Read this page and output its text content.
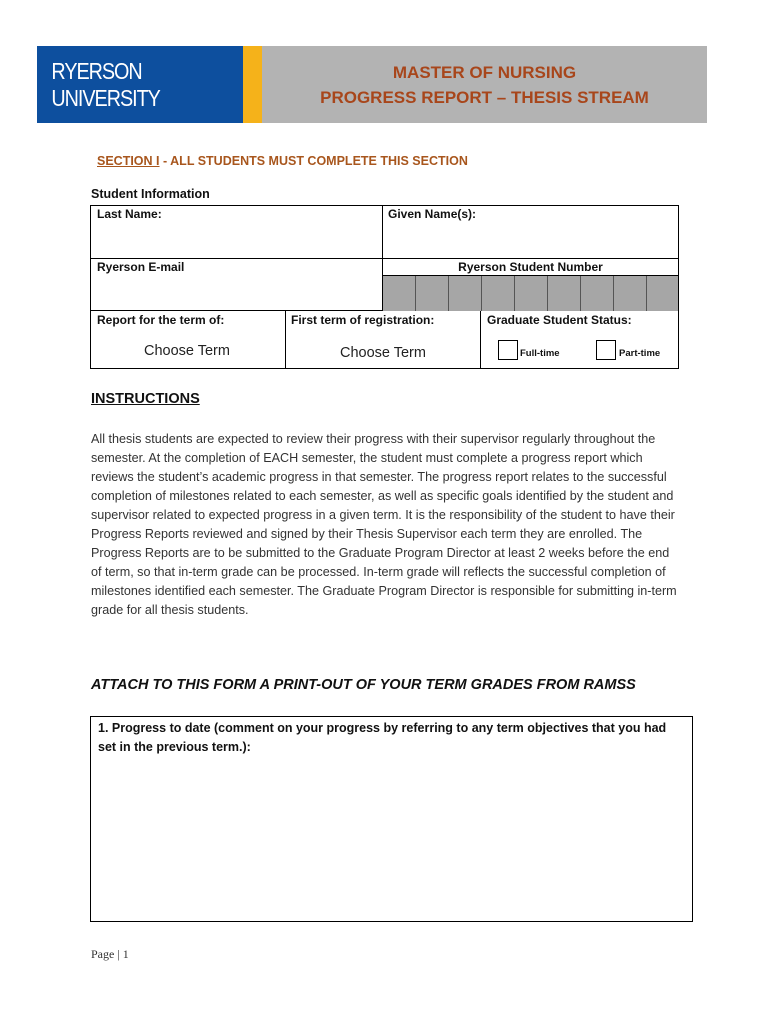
RYERSON UNIVERSITY
MASTER OF NURSING
PROGRESS REPORT – THESIS STREAM
SECTION I - ALL STUDENTS MUST COMPLETE THIS SECTION
Student Information
Last Name:	Given Name(s):
Ryerson E-mail	Ryerson Student Number
Report for the term of:
Choose Term
First term of registration:
Choose Term
Graduate Student Status:
Full-time	Part-time
INSTRUCTIONS
All thesis students are expected to review their progress with their supervisor regularly throughout the semester. At the completion of EACH semester, the student must complete a progress report which reviews the student’s academic progress in that semester. The progress report relates to the successful completion of milestones related to each semester, as well as specific goals identified by the student and supervisor related to expected progress in a given term. It is the responsibility of the student to have their Progress Reports reviewed and signed by their Thesis Supervisor each term they are enrolled. The Progress Reports are to be submitted to the Graduate Program Director at least 2 weeks before the end of term, so that in-term grade can be processed. In-term grade will reflects the successful completion of milestones identified each semester. The Graduate Program Director is responsible for submitting in-term grade for all thesis students.
ATTACH TO THIS FORM A PRINT-OUT OF YOUR TERM GRADES FROM RAMSS
1. Progress to date (comment on your progress by referring to any term objectives that you had set in the previous term.):
Page | 1
